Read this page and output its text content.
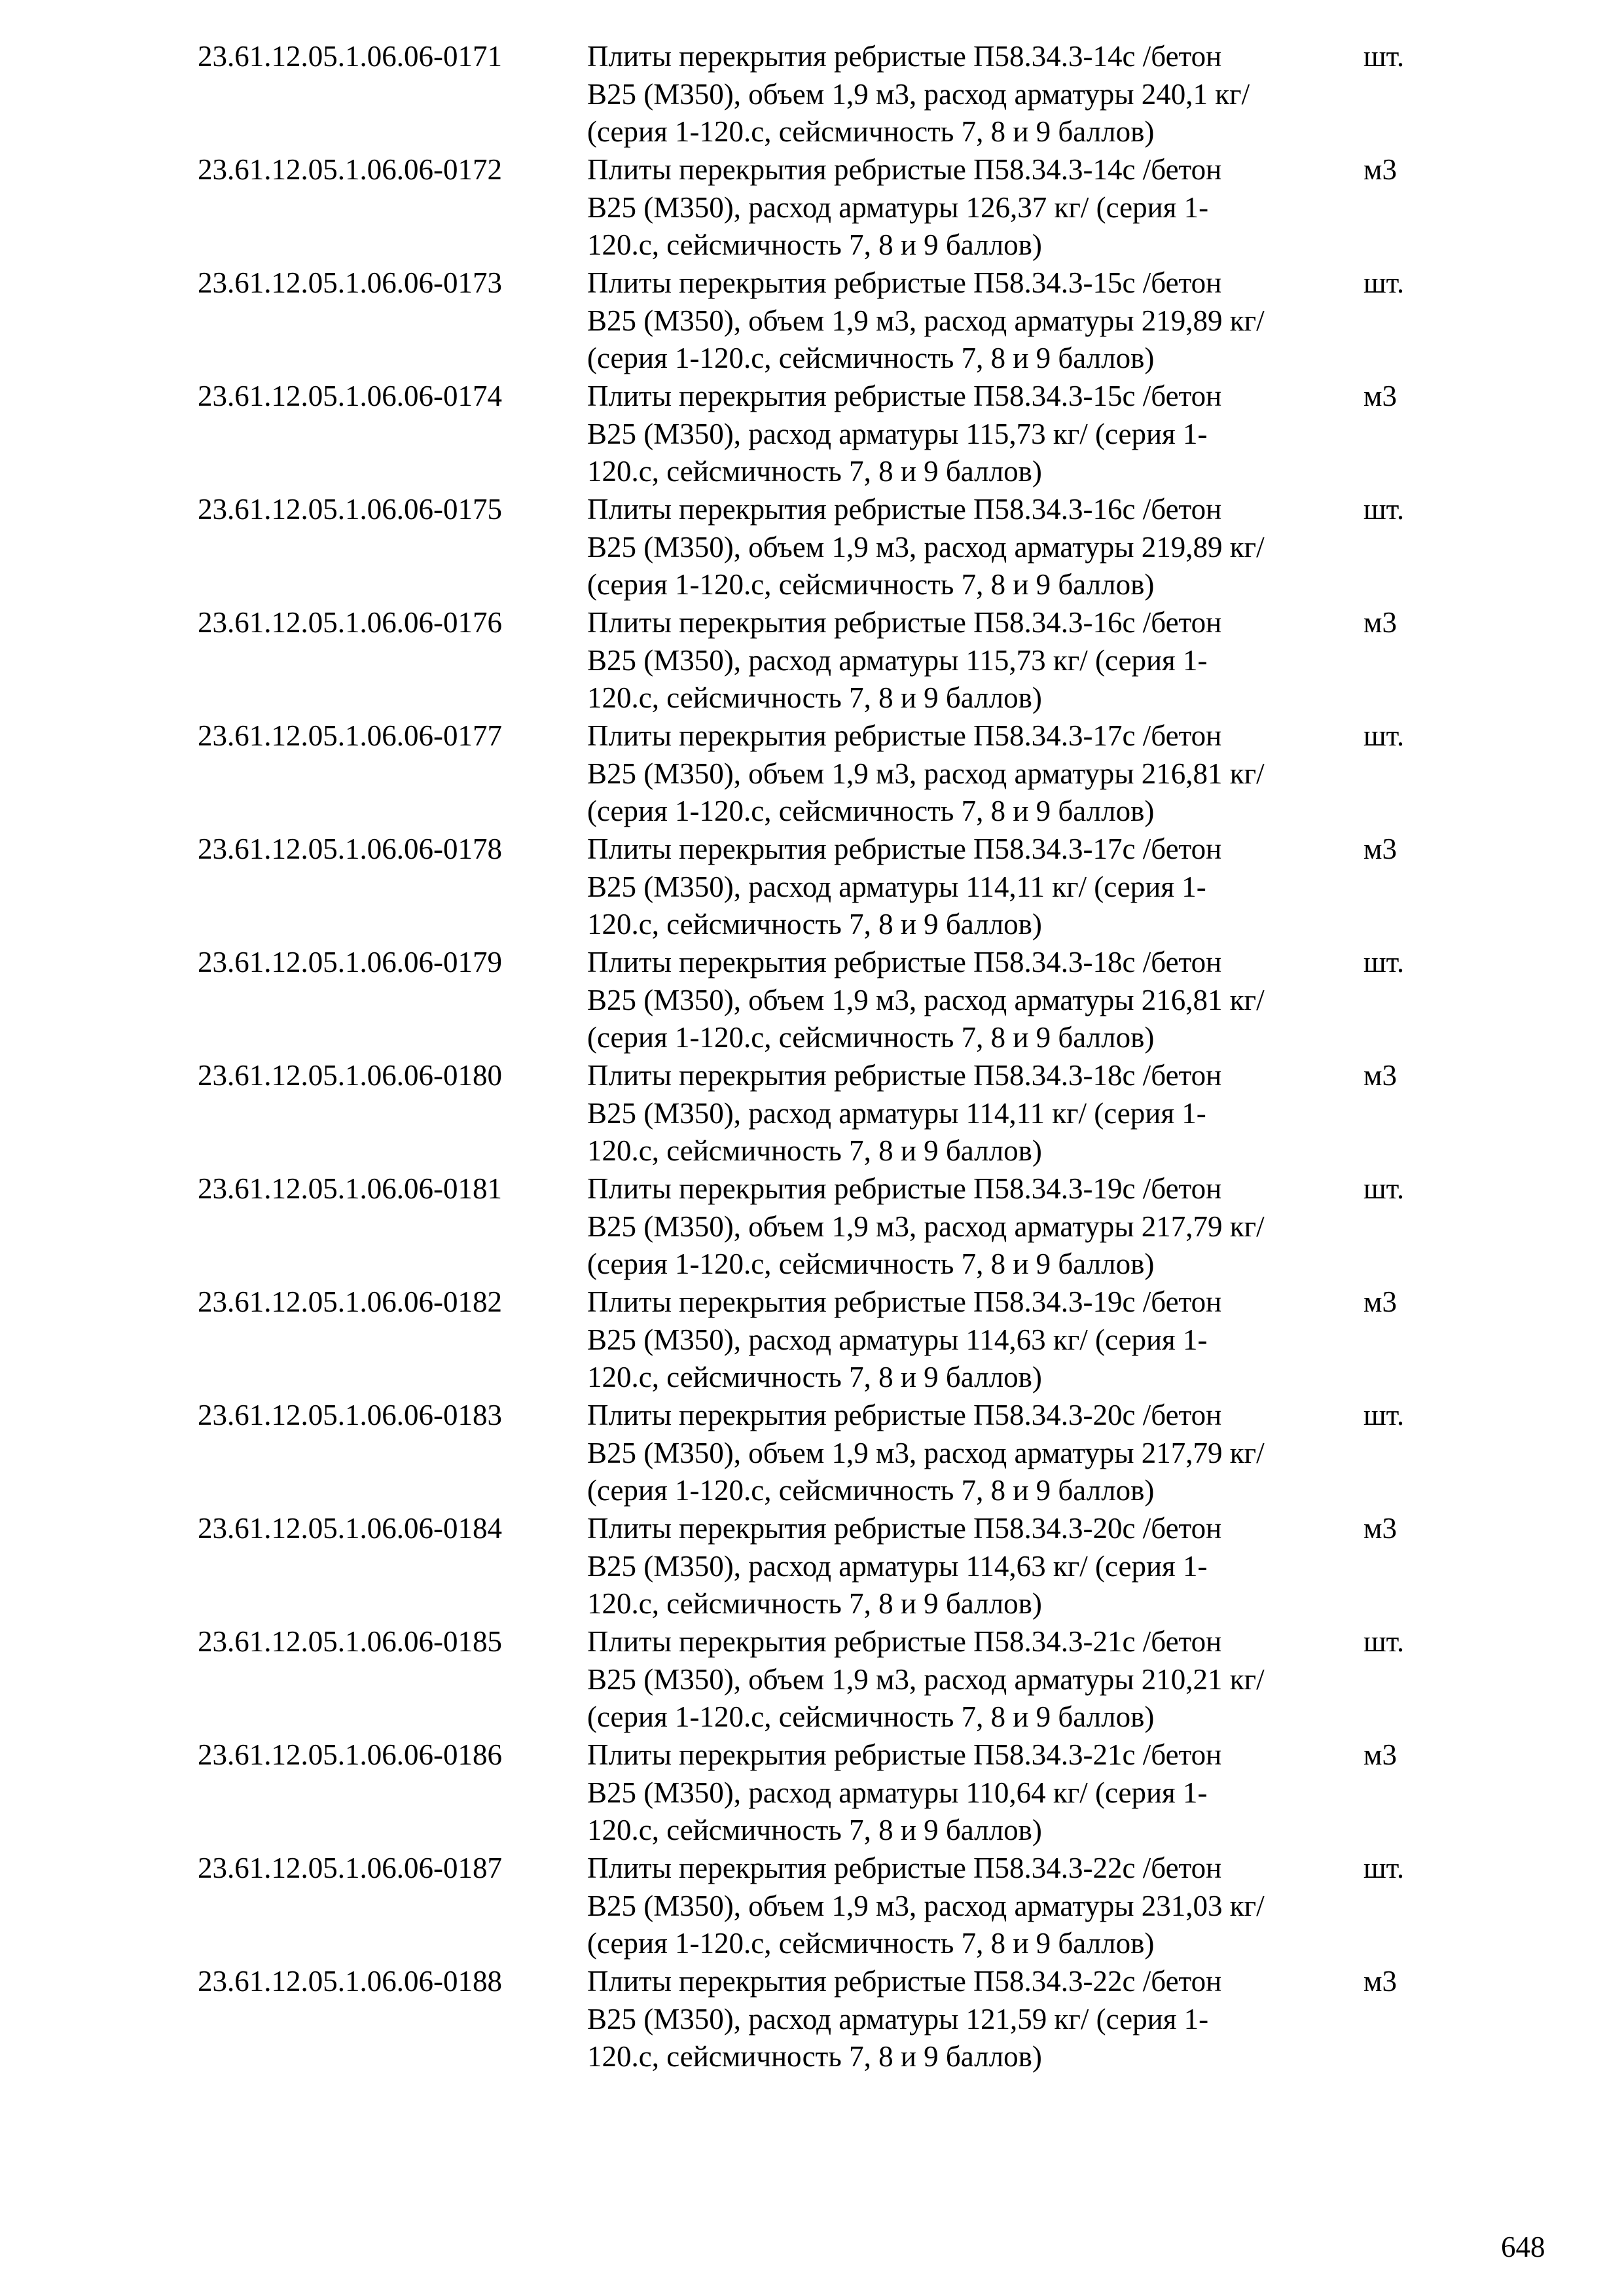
23.61.12.05.1.06.06-0171	Плиты перекрытия ребристые П58.34.3-14с /бетон
В25 (М350), объем 1,9 м3, расход арматуры 240,1 кг/
(серия 1-120.с, сейсмичность 7, 8 и 9 баллов)
шт.
23.61.12.05.1.06.06-0172	Плиты перекрытия ребристые П58.34.3-14с /бетон
В25 (М350), расход арматуры 126,37 кг/ (серия 1-
120.с, сейсмичность 7, 8 и 9 баллов)
м3
23.61.12.05.1.06.06-0173	Плиты перекрытия ребристые П58.34.3-15с /бетон
В25 (М350), объем 1,9 м3, расход арматуры 219,89 кг/
(серия 1-120.с, сейсмичность 7, 8 и 9 баллов)
шт.
23.61.12.05.1.06.06-0174	Плиты перекрытия ребристые П58.34.3-15с /бетон
В25 (М350), расход арматуры 115,73 кг/ (серия 1-
120.с, сейсмичность 7, 8 и 9 баллов)
м3
23.61.12.05.1.06.06-0175	Плиты перекрытия ребристые П58.34.3-16с /бетон
В25 (М350), объем 1,9 м3, расход арматуры 219,89 кг/
(серия 1-120.с, сейсмичность 7, 8 и 9 баллов)
шт.
23.61.12.05.1.06.06-0176	Плиты перекрытия ребристые П58.34.3-16с /бетон
В25 (М350), расход арматуры 115,73 кг/ (серия 1-
120.с, сейсмичность 7, 8 и 9 баллов)
м3
23.61.12.05.1.06.06-0177	Плиты перекрытия ребристые П58.34.3-17с /бетон
В25 (М350), объем 1,9 м3, расход арматуры 216,81 кг/
(серия 1-120.с, сейсмичность 7, 8 и 9 баллов)
шт.
23.61.12.05.1.06.06-0178	Плиты перекрытия ребристые П58.34.3-17с /бетон
В25 (М350), расход арматуры 114,11 кг/ (серия 1-
120.с, сейсмичность 7, 8 и 9 баллов)
м3
23.61.12.05.1.06.06-0179	Плиты перекрытия ребристые П58.34.3-18с /бетон
В25 (М350), объем 1,9 м3, расход арматуры 216,81 кг/
(серия 1-120.с, сейсмичность 7, 8 и 9 баллов)
шт.
23.61.12.05.1.06.06-0180	Плиты перекрытия ребристые П58.34.3-18с /бетон
В25 (М350), расход арматуры 114,11 кг/ (серия 1-
120.с, сейсмичность 7, 8 и 9 баллов)
м3
23.61.12.05.1.06.06-0181	Плиты перекрытия ребристые П58.34.3-19с /бетон
В25 (М350), объем 1,9 м3, расход арматуры 217,79 кг/
(серия 1-120.с, сейсмичность 7, 8 и 9 баллов)
шт.
23.61.12.05.1.06.06-0182	Плиты перекрытия ребристые П58.34.3-19с /бетон
В25 (М350), расход арматуры 114,63 кг/ (серия 1-
120.с, сейсмичность 7, 8 и 9 баллов)
м3
23.61.12.05.1.06.06-0183	Плиты перекрытия ребристые П58.34.3-20с /бетон
В25 (М350), объем 1,9 м3, расход арматуры 217,79 кг/
(серия 1-120.с, сейсмичность 7, 8 и 9 баллов)
шт.
23.61.12.05.1.06.06-0184	Плиты перекрытия ребристые П58.34.3-20с /бетон
В25 (М350), расход арматуры 114,63 кг/ (серия 1-
120.с, сейсмичность 7, 8 и 9 баллов)
м3
23.61.12.05.1.06.06-0185	Плиты перекрытия ребристые П58.34.3-21с /бетон
В25 (М350), объем 1,9 м3, расход арматуры 210,21 кг/
(серия 1-120.с, сейсмичность 7, 8 и 9 баллов)
шт.
23.61.12.05.1.06.06-0186	Плиты перекрытия ребристые П58.34.3-21с /бетон
В25 (М350), расход арматуры 110,64 кг/ (серия 1-
120.с, сейсмичность 7, 8 и 9 баллов)
м3
23.61.12.05.1.06.06-0187	Плиты перекрытия ребристые П58.34.3-22с /бетон
В25 (М350), объем 1,9 м3, расход арматуры 231,03 кг/
(серия 1-120.с, сейсмичность 7, 8 и 9 баллов)
шт.
23.61.12.05.1.06.06-0188	Плиты перекрытия ребристые П58.34.3-22с /бетон
В25 (М350), расход арматуры 121,59 кг/ (серия 1-
120.с, сейсмичность 7, 8 и 9 баллов)
м3
648
